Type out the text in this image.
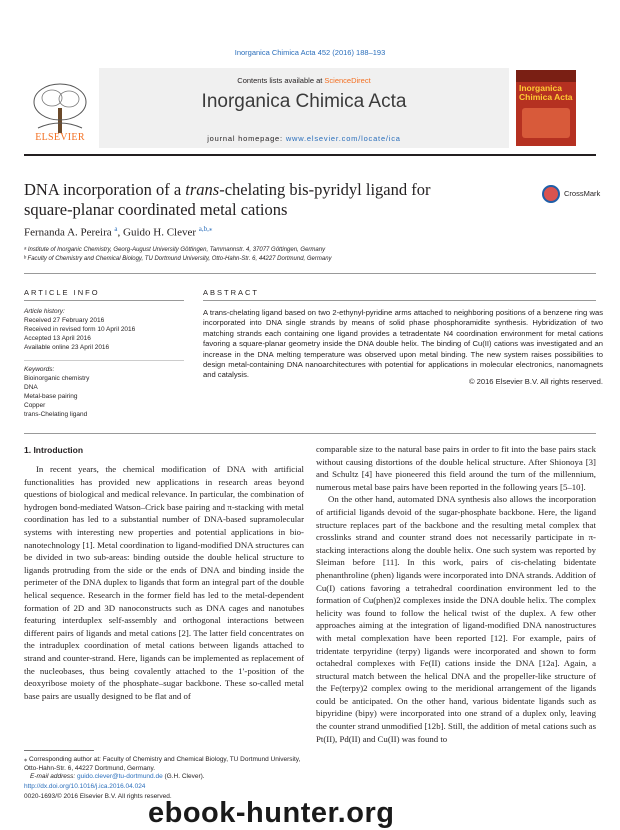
Inorganica Chimica Acta 452 (2016) 188–193
Contents lists available at ScienceDirect
Inorganica Chimica Acta
journal homepage: www.elsevier.com/locate/ica
ELSEVIER
Inorganica Chimica Acta
DNA incorporation of a trans-chelating bis-pyridyl ligand for
square-planar coordinated metal cations
CrossMark
Fernanda A. Pereira $^a$, Guido H. Clever $^{a,b,⁎}$
ᵃ Institute of Inorganic Chemistry, Georg-August University Göttingen, Tammannstr. 4, 37077 Göttingen, Germany
ᵇ Faculty of Chemistry and Chemical Biology, TU Dortmund University, Otto-Hahn-Str. 6, 44227 Dortmund, Germany
ARTICLE INFO
Article history:
Received 27 February 2016
Received in revised form 10 April 2016
Accepted 13 April 2016
Available online 23 April 2016
Keywords:
Bioinorganic chemistry
DNA
Metal-base pairing
Copper
trans-Chelating ligand
ABSTRACT
A trans-chelating ligand based on two 2-ethynyl-pyridine arms attached to neighboring positions of a benzene ring was incorporated into DNA single strands by means of solid phase phosphoramidite synthesis. Hybridization of two matching strands each containing one ligand provides a tetradentate N4 coordination environment for metal cations favoring a square-planar geometry inside the DNA double helix. The binding of Cu(II) cations was investigated and an increase in the DNA melting temperature was observed upon metal binding. The new system raises possibilities to design metal-containing DNA nanoarchitectures with potential for applications in molecular electronics, nanomagnets and catalysis.
© 2016 Elsevier B.V. All rights reserved.
1. Introduction

In recent years, the chemical modification of DNA with artificial functionalities has provided new applications in research areas beyond questions of biological and medical relevance. In particular, the combination of hydrogen bond-mediated Watson–Crick base pairing and π-stacking with metal coordination has led to a substantial number of DNA-based supramolecular systems with interesting new properties and potential applications in bio-nanotechnology [1]. Metal coordination to ligand-modified DNA structures can be divided in two sub-areas: binding outside the double helical structure to ligands protruding from the side or the ends of DNA and binding inside the perimeter of the DNA duplex to ligands that form an integral part of the double helical sequence. Research in the former field has led to the metal-dependent formation of 2D and 3D nanoconstructs such as DNA cages and nanotubes featuring interduplex self-assembly and orthogonal interactions between different pairs of ligands and metal cations [2]. The latter field concentrates on the intraduplex coordination of metal cations between ligands attached to strand and counter-strand. Here, ligands can be implemented as replacement of the nucleobases, thus being covalently attached to the 1′-position of the deoxyribose moiety of the phosphate–sugar backbone. These so-called metal base pairs are usually designed to be flat and of

comparable size to the natural base pairs in order to fit into the base pairs stack without causing distortions of the double helical structure. After Shionoya [3] and Schultz [4] have pioneered this field around the turn of the millennium, numerous metal base pairs have been reported in the following years [5–10].

On the other hand, automated DNA synthesis also allows the incorporation of artificial ligands devoid of the sugar-phosphate backbone. Here, the ligand structure replaces part of the backbone and the resulting metal complex that crosslinks strand and counter strand does not necessarily participate in π-stacking interactions along the double helix. One such system was reported by Sleiman before [11]. In this work, pairs of cis-chelating bidentate phenanthroline (phen) ligands were incorporated into DNA strands. Addition of Cu(I) cations favoring a tetrahedral coordination environment led to the formation of Cu(phen)2 complexes inside the DNA double helix. The complex helicity was found to follow the helical twist of the duplex. A few other approaches aiming at the integration of ligand-modified DNA nanostructures with metal complexation have been reported [12]. For example, pairs of tridentate terpyridine (terpy) ligands were incorporated and shown to form octahedral complexes with Fe(II) cations inside the DNA [12a]. Again, a structural match between the helical DNA and the propeller-like structure of the Fe(terpy)2 complex owing to the meridional arrangement of the ligands could be anticipated. On the other hand, various bidentate ligands such as bipyridine (bipy) were incorporated into one strand of a duplex only, leaving the counter strand unmodified [12b]. Still, the addition of metal cations such as Pt(II), Pd(II) and Cu(II) was found to

⁎ Corresponding author at: Faculty of Chemistry and Chemical Biology, TU Dortmund University, Otto-Hahn-Str. 6, 44227 Dortmund, Germany.
E-mail address: guido.clever@tu-dortmund.de (G.H. Clever).
http://dx.doi.org/10.1016/j.ica.2016.04.024
0020-1693/© 2016 Elsevier B.V. All rights reserved.
ebook-hunter.org
